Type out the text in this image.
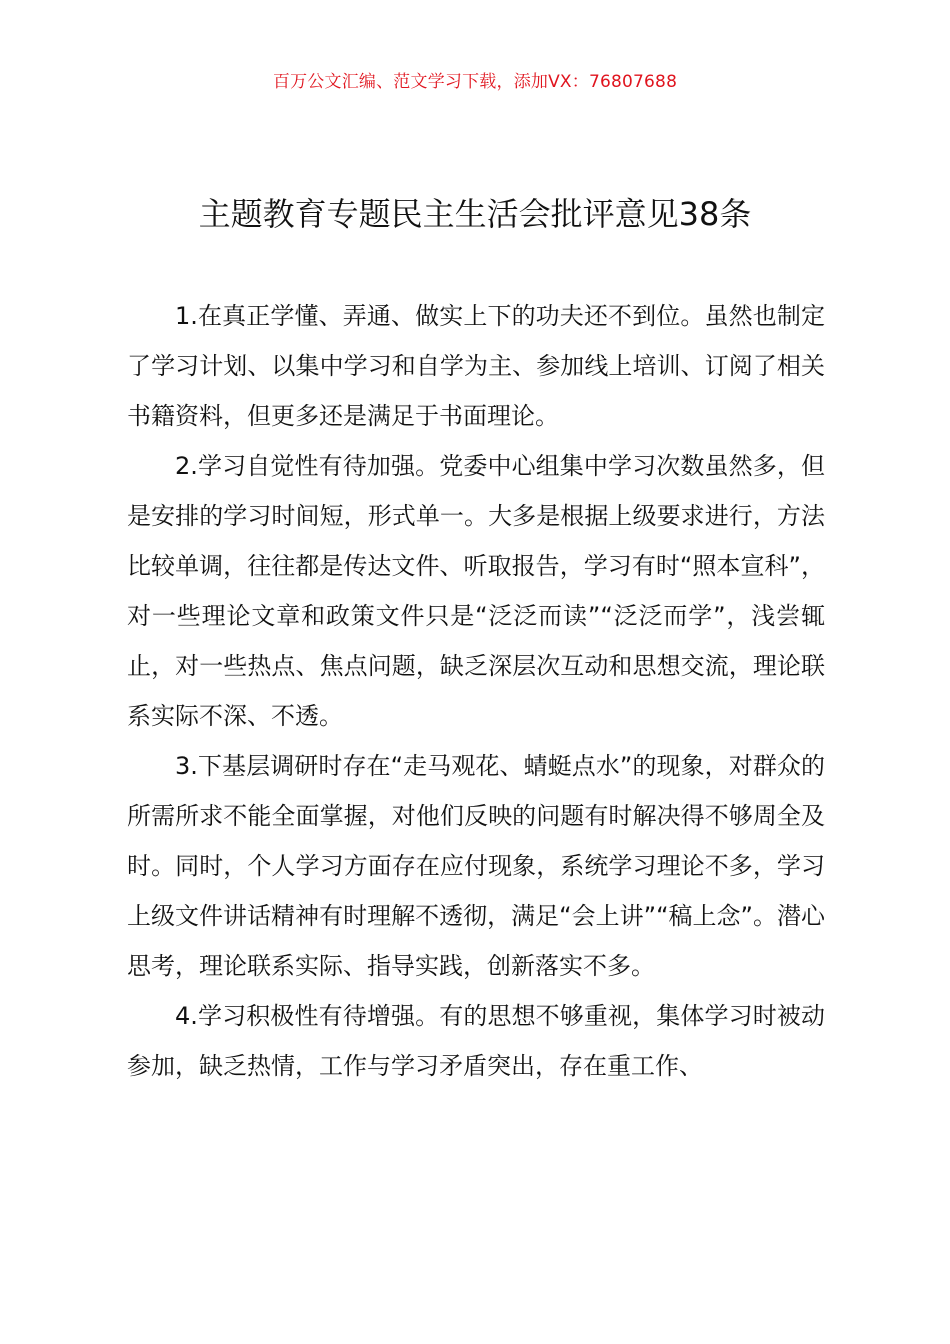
百万公文汇编、范文学习下载，添加VX：76807688
主题教育专题民主生活会批评意见38条

1.在真正学懂、弄通、做实上下的功夫还不到位。虽然也制定了学习计划、以集中学习和自学为主、参加线上培训、订阅了相关书籍资料，但更多还是满足于书面理论。

2.学习自觉性有待加强。党委中心组集中学习次数虽然多，但是安排的学习时间短，形式单一。大多是根据上级要求进行，方法比较单调，往往都是传达文件、听取报告，学习有时“照本宣科”，对一些理论文章和政策文件只是“泛泛而读”“泛泛而学”，浅尝辄止，对一些热点、焦点问题，缺乏深层次互动和思想交流，理论联系实际不深、不透。

3.下基层调研时存在“走马观花、蜻蜓点水”的现象，对群众的所需所求不能全面掌握，对他们反映的问题有时解决得不够周全及时。同时，个人学习方面存在应付现象，系统学习理论不多，学习上级文件讲话精神有时理解不透彻，满足“会上讲”“稿上念”。潜心思考，理论联系实际、指导实践，创新落实不多。

4.学习积极性有待增强。有的思想不够重视，集体学习时被动参加，缺乏热情，工作与学习矛盾突出，存在重工作、
